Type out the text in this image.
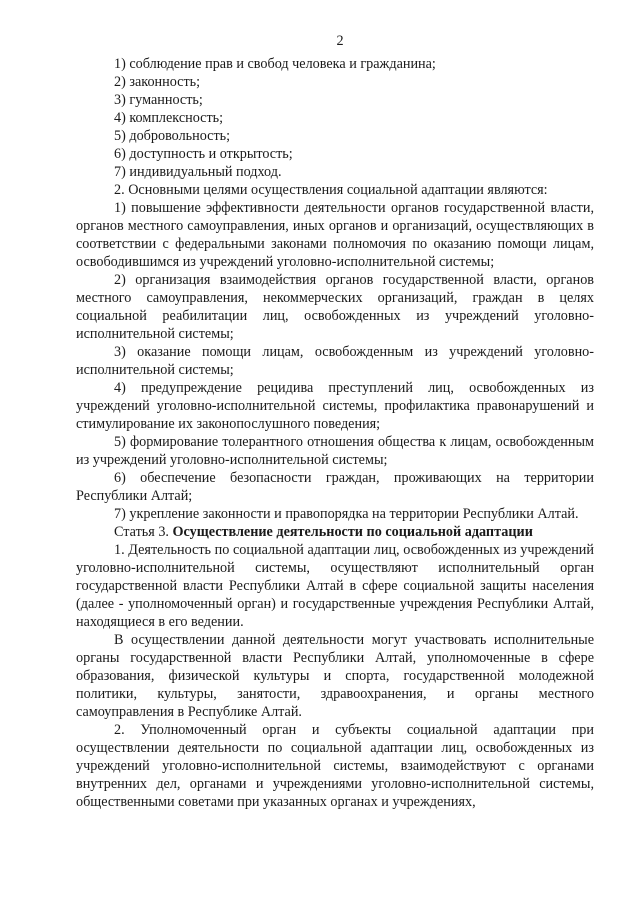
2

1) соблюдение прав и свобод человека и гражданина;

2) законность;

3) гуманность;

4) комплексность;

5) добровольность;

6) доступность и открытость;

7) индивидуальный подход.

2. Основными целями осуществления социальной адаптации являются:

1) повышение эффективности деятельности органов государственной власти, органов местного самоуправления, иных органов и организаций, осуществляющих в соответствии с федеральными законами полномочия по оказанию помощи лицам, освободившимся из учреждений уголовно-исполнительной системы;

2) организация взаимодействия органов государственной власти, органов местного самоуправления, некоммерческих организаций, граждан в целях социальной реабилитации лиц, освобожденных из учреждений уголовно-исполнительной системы;

3) оказание помощи лицам, освобожденным из учреждений уголовно-исполнительной системы;

4) предупреждение рецидива преступлений лиц, освобожденных из учреждений уголовно-исполнительной системы, профилактика правонарушений и стимулирование их законопослушного поведения;

5) формирование толерантного отношения общества к лицам, освобожденным из учреждений уголовно-исполнительной системы;

6) обеспечение безопасности граждан, проживающих на территории Республики Алтай;

7) укрепление законности и правопорядка на территории Республики Алтай.

Статья 3. Осуществление деятельности по социальной адаптации

1. Деятельность по социальной адаптации лиц, освобожденных из учреждений уголовно-исполнительной системы, осуществляют исполнительный орган государственной власти Республики Алтай в сфере социальной защиты населения (далее - уполномоченный орган) и государственные учреждения Республики Алтай, находящиеся в его ведении.

В осуществлении данной деятельности могут участвовать исполнительные органы государственной власти Республики Алтай, уполномоченные в сфере образования, физической культуры и спорта, государственной молодежной политики, культуры, занятости, здравоохранения, и органы местного самоуправления в Республике Алтай.

2. Уполномоченный орган и субъекты социальной адаптации при осуществлении деятельности по социальной адаптации лиц, освобожденных из учреждений уголовно-исполнительной системы, взаимодействуют с органами внутренних дел, органами и учреждениями уголовно-исполнительной системы, общественными советами при указанных органах и учреждениях,
